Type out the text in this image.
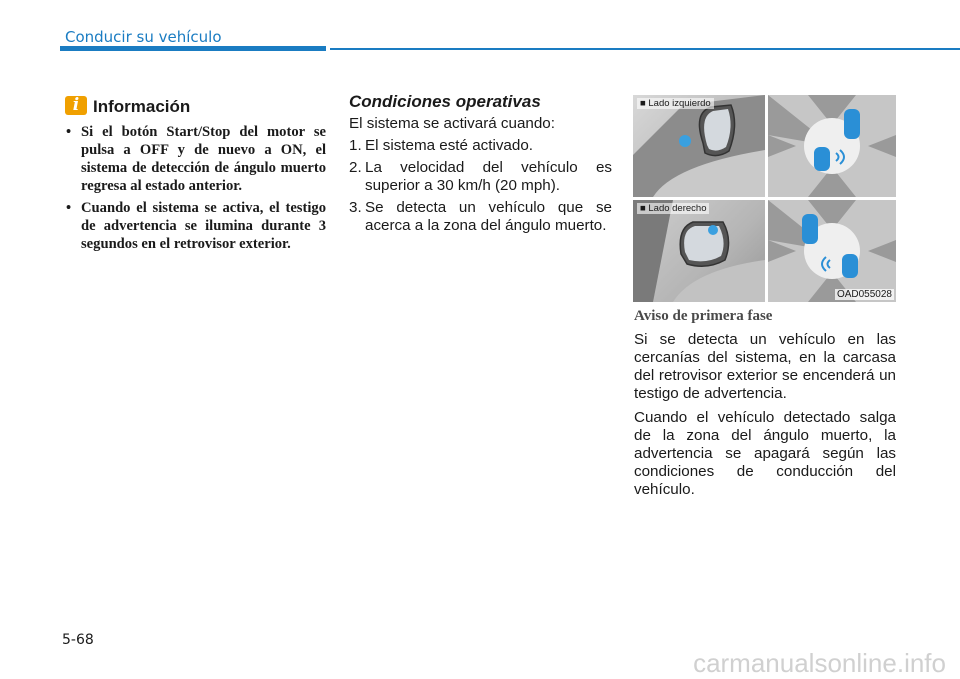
Conducir su vehículo
i Información
• Si el botón Start/Stop del motor se pulsa a OFF y de nuevo a ON, el sistema de detección de ángulo muerto regresa al estado anterior.
• Cuando el sistema se activa, el testigo de advertencia se ilumina durante 3 segundos en el retrovisor exterior.
Condiciones operativas

El sistema se activará cuando:

1. El sistema esté activado.
2. La velocidad del vehículo es superior a 30 km/h (20 mph).
3. Se detecta un vehículo que se acerca a la zona del ángulo muerto.
■ Lado izquierdo
■ Lado derecho
OAD055028
Aviso de primera fase

Si se detecta un vehículo en las cercanías del sistema, en la carcasa del retrovisor exterior se encenderá un testigo de advertencia.

Cuando el vehículo detectado salga de la zona del ángulo muerto, la advertencia se apagará según las condiciones de conducción del vehículo.

5-68
carmanualsonline.info
